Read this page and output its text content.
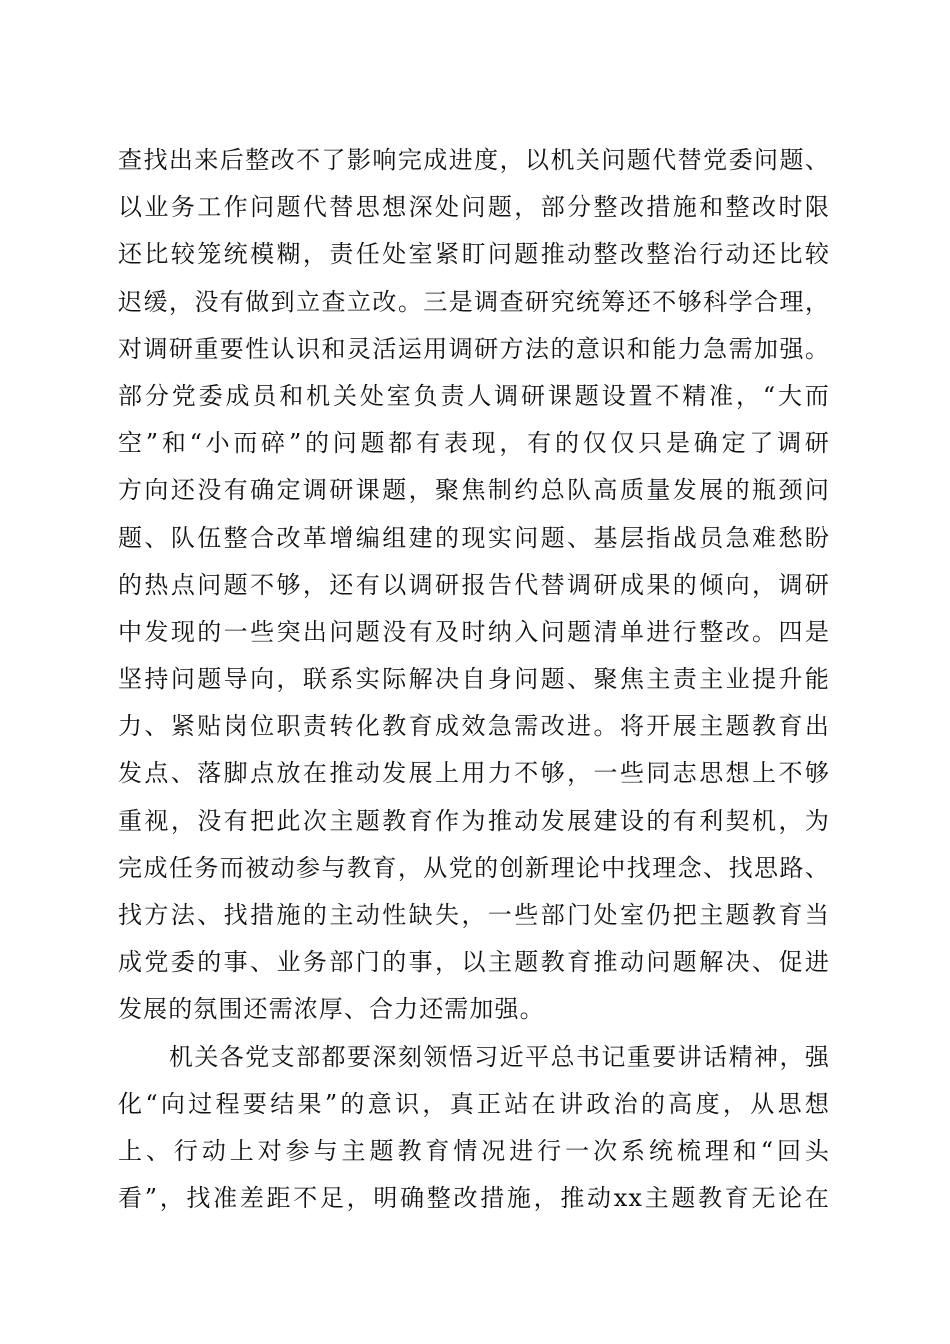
查找出来后整改不了影响完成进度，以机关问题代替党委问题、
以业务工作问题代替思想深处问题，部分整改措施和整改时限
还比较笼统模糊，责任处室紧盯问题推动整改整治行动还比较
迟缓，没有做到立查立改。三是调查研究统筹还不够科学合理，
对调研重要性认识和灵活运用调研方法的意识和能力急需加强。
部分党委成员和机关处室负责人调研课题设置不精准，“大而
空”和“小而碎”的问题都有表现，有的仅仅只是确定了调研
方向还没有确定调研课题，聚焦制约总队高质量发展的瓶颈问
题、队伍整合改革增编组建的现实问题、基层指战员急难愁盼
的热点问题不够，还有以调研报告代替调研成果的倾向，调研
中发现的一些突出问题没有及时纳入问题清单进行整改。四是
坚持问题导向，联系实际解决自身问题、聚焦主责主业提升能
力、紧贴岗位职责转化教育成效急需改进。将开展主题教育出
发点、落脚点放在推动发展上用力不够，一些同志思想上不够
重视，没有把此次主题教育作为推动发展建设的有利契机，为
完成任务而被动参与教育，从党的创新理论中找理念、找思路、
找方法、找措施的主动性缺失，一些部门处室仍把主题教育当
成党委的事、业务部门的事，以主题教育推动问题解决、促进
发展的氛围还需浓厚、合力还需加强。
　　机关各党支部都要深刻领悟习近平总书记重要讲话精神，强
化“向过程要结果”的意识，真正站在讲政治的高度，从思想
上、行动上对参与主题教育情况进行一次系统梳理和“回头
看”，找准差距不足，明确整改措施，推动xx主题教育无论在
